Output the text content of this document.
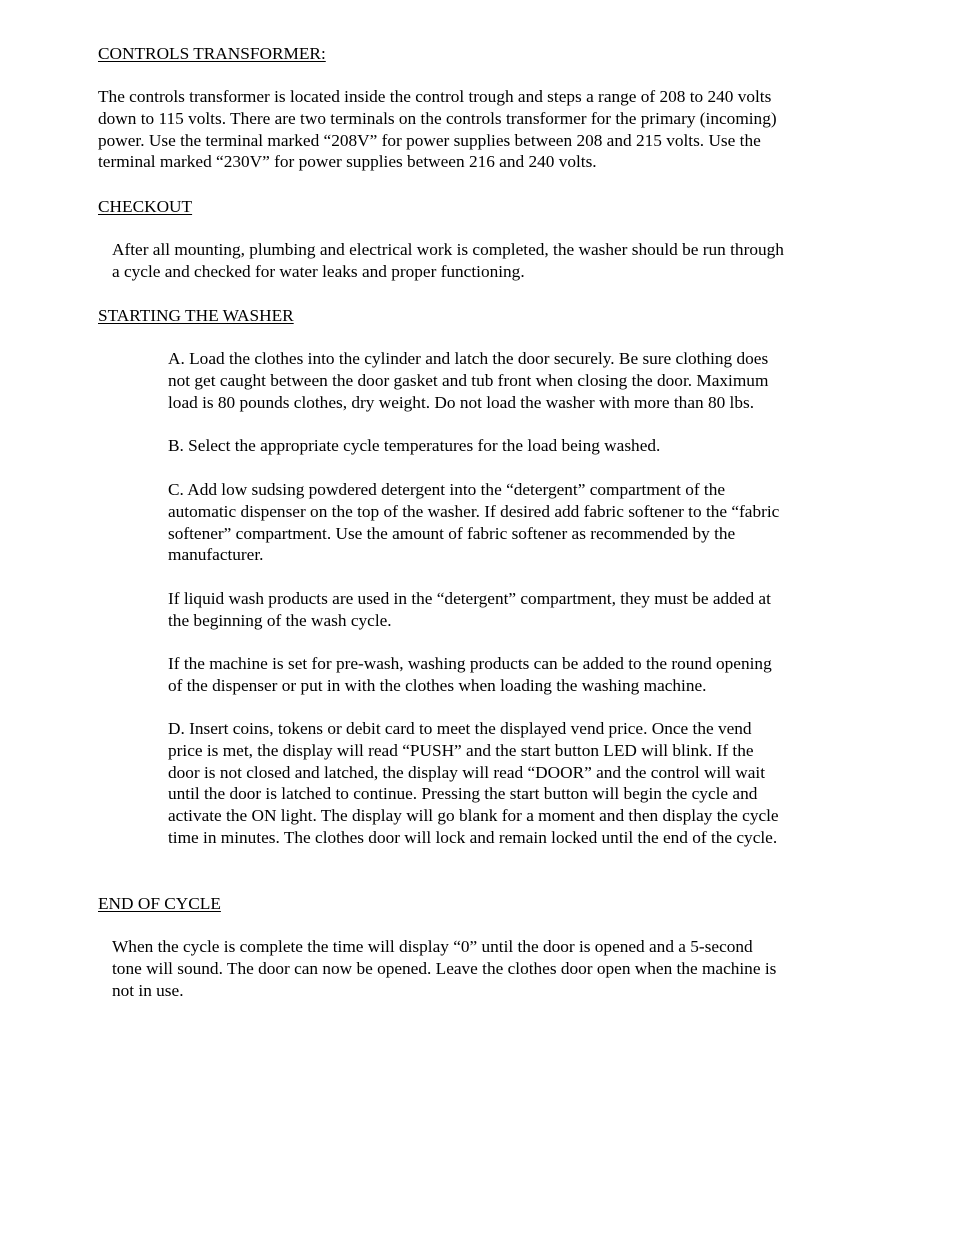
CONTROLS TRANSFORMER:
The controls transformer is located inside the control trough and steps a range of 208 to 240 volts
down to 115 volts. There are two terminals on the controls transformer for the primary (incoming)
power. Use the terminal marked “208V” for power supplies between 208 and 215 volts. Use the
terminal marked “230V” for power supplies between 216 and 240 volts.
CHECKOUT
After all mounting, plumbing and electrical work is completed, the washer should be run through
a cycle and checked for water leaks and proper functioning.
STARTING THE WASHER
A. Load the clothes into the cylinder and latch the door securely. Be sure clothing does
not get caught between the door gasket and tub front when closing the door. Maximum
load is 80 pounds clothes, dry weight. Do not load the washer with more than 80 lbs.
B. Select the appropriate cycle temperatures for the load being washed.
C. Add low sudsing powdered detergent into the “detergent” compartment of the
automatic dispenser on the top of the washer. If desired add fabric softener to the “fabric
softener” compartment. Use the amount of fabric softener as recommended by the
manufacturer.
If liquid wash products are used in the “detergent” compartment, they must be added at
the beginning of the wash cycle.
If the machine is set for pre-wash, washing products can be added to the round opening
of the dispenser or put in with the clothes when loading the washing machine.
D. Insert coins, tokens or debit card to meet the displayed vend price. Once the vend
price is met, the display will read “PUSH” and the start button LED will blink. If the
door is not closed and latched, the display will read “DOOR” and the control will wait
until the door is latched to continue. Pressing the start button will begin the cycle and
activate the ON light. The display will go blank for a moment and then display the cycle
time in minutes. The clothes door will lock and remain locked until the end of the cycle.
END OF CYCLE
When the cycle is complete the time will display “0” until the door is opened and a 5-second
tone will sound. The door can now be opened. Leave the clothes door open when the machine is
not in use.
